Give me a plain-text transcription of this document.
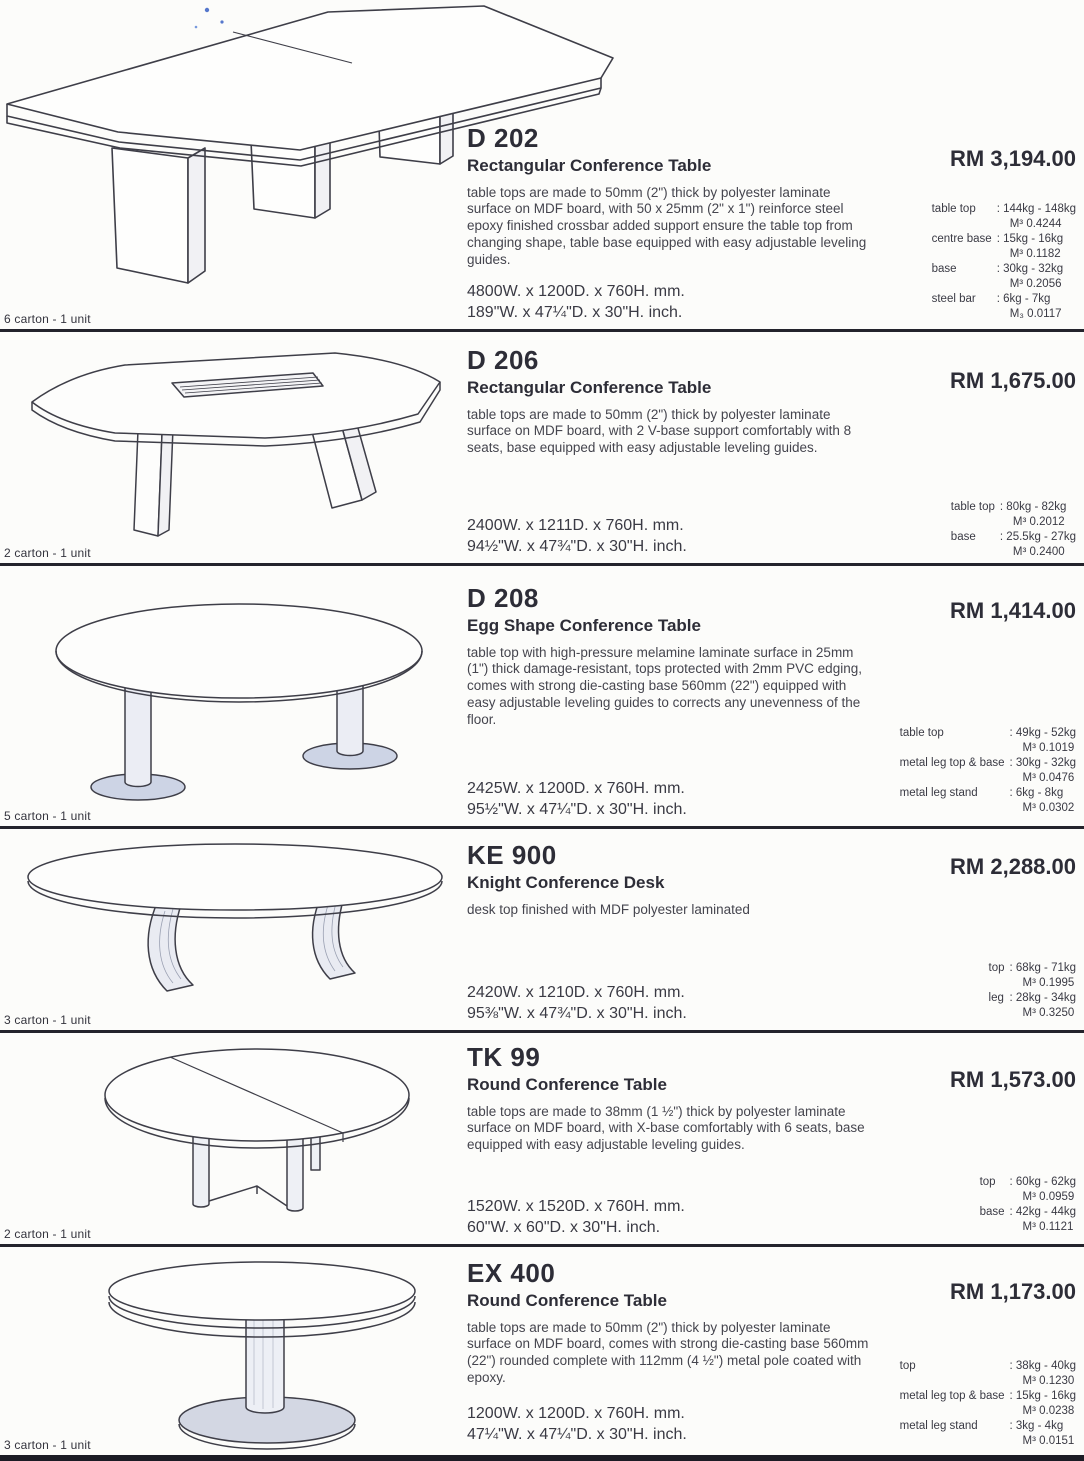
D 202
Rectangular Conference Table

table tops are made to 50mm (2") thick by polyester laminate surface on MDF board, with 50 x 25mm (2" x 1") reinforce steel epoxy finished crossbar added support ensure the table top from changing shape, table base equipped with easy adjustable leveling guides.

RM 3,194.00
table top	: 144kg - 148kg
M³ 0.4244
centre base : 15kg - 16kg
M³ 0.1182
base	: 30kg - 32kg
M³ 0.2056
steel bar	: 6kg - 7kg
M₃ 0.0117
4800W. x 1200D. x 760H. mm.
189"W. x 47¼"D. x 30"H. inch.
6 carton - 1 unit
D 206
Rectangular Conference Table

table tops are made to 50mm (2") thick by polyester laminate surface on MDF board, with 2 V-base support comfortably with 8 seats, base equipped with easy adjustable leveling guides.

RM 1,675.00
table top : 80kg - 82kg
M³ 0.2012
base	: 25.5kg - 27kg
M³ 0.2400
2400W. x 1211D. x 760H. mm.
94½"W. x 47¾"D. x 30"H. inch.
2 carton - 1 unit
D 208
Egg Shape Conference Table

table top with high-pressure melamine laminate surface in 25mm (1") thick damage-resistant, tops protected with 2mm PVC edging, comes with strong die-casting base 560mm (22") equipped with easy adjustable leveling guides to corrects any unevenness of the floor.

RM 1,414.00
table top	: 49kg - 52kg
M³ 0.1019
metal leg top & base : 30kg - 32kg
M³ 0.0476
metal leg stand	: 6kg - 8kg
M³ 0.0302
2425W. x 1200D. x 760H. mm.
95½"W. x 47¼"D. x 30"H. inch.
5 carton - 1 unit
KE 900
Knight Conference Desk

desk top finished with MDF polyester laminated

RM 2,288.00
top : 68kg - 71kg
M³ 0.1995
leg : 28kg - 34kg
M³ 0.3250
2420W. x 1210D. x 760H. mm.
95⅜"W. x 47¾"D. x 30"H. inch.
3 carton - 1 unit
TK 99
Round Conference Table

table tops are made to 38mm (1 ½") thick by polyester laminate surface on MDF board, with X-base comfortably with 6 seats, base equipped with easy adjustable leveling guides.

RM 1,573.00
top	: 60kg - 62kg
M³ 0.0959
base : 42kg - 44kg
M³ 0.1121
1520W. x 1520D. x 760H. mm.
60"W. x 60"D. x 30"H. inch.
2 carton - 1 unit
EX 400
Round Conference Table

table tops are made to 50mm (2") thick by polyester laminate surface on MDF board, comes with strong die-casting base 560mm (22") rounded complete with 112mm (4 ½") metal pole coated with epoxy.

RM 1,173.00
top	: 38kg - 40kg
M³ 0.1230
metal leg top & base : 15kg - 16kg
M³ 0.0238
metal leg stand	: 3kg - 4kg
M³ 0.0151
1200W. x 1200D. x 760H. mm.
47¼"W. x 47¼"D. x 30"H. inch.
3 carton - 1 unit
